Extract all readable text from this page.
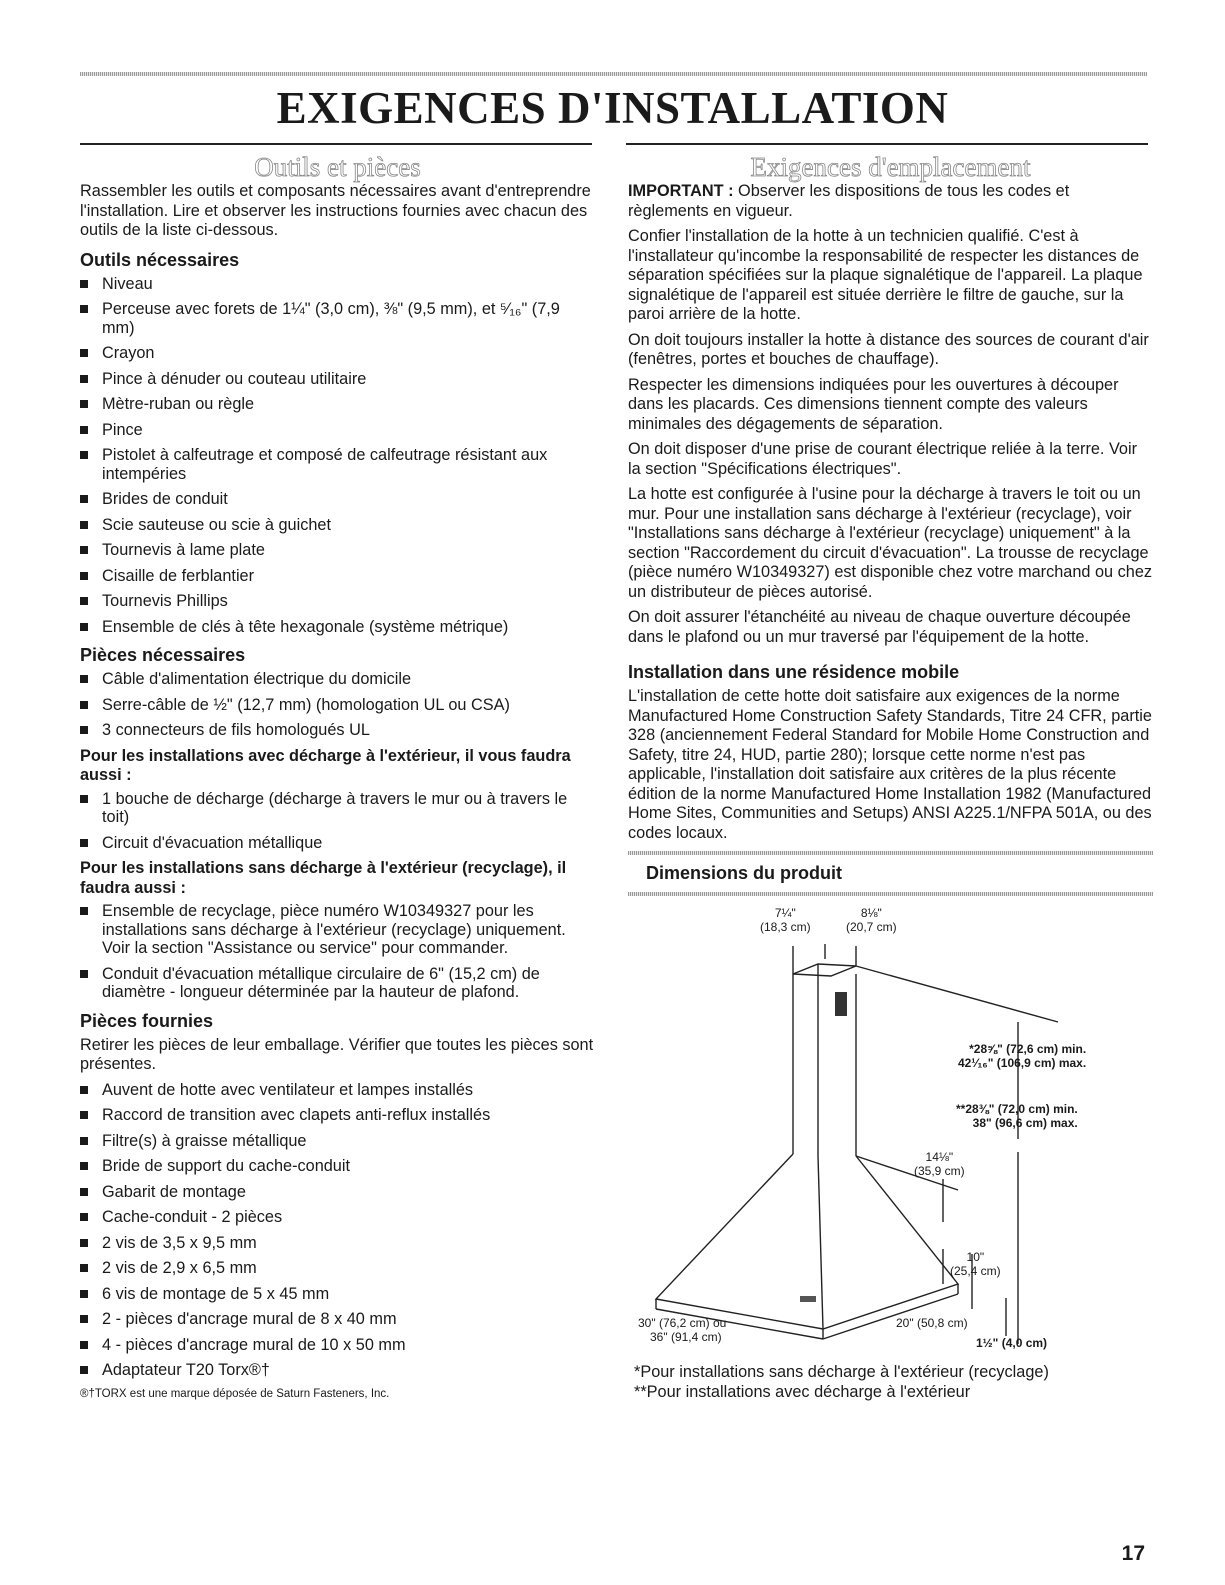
EXIGENCES D'INSTALLATION
Outils et pièces

Rassembler les outils et composants nécessaires avant d'entreprendre l'installation. Lire et observer les instructions fournies avec chacun des outils de la liste ci-dessous.

Outils nécessaires
Niveau
Perceuse avec forets de 1¼" (3,0 cm), ⅜" (9,5 mm), et ⁵⁄₁₆" (7,9 mm)
Crayon
Pince à dénuder ou couteau utilitaire
Mètre-ruban ou règle
Pince
Pistolet à calfeutrage et composé de calfeutrage résistant aux intempéries
Brides de conduit
Scie sauteuse ou scie à guichet
Tournevis à lame plate
Cisaille de ferblantier
Tournevis Phillips
Ensemble de clés à tête hexagonale (système métrique)
Pièces nécessaires
Câble d'alimentation électrique du domicile
Serre-câble de ½" (12,7 mm) (homologation UL ou CSA)
3 connecteurs de fils homologués UL
Pour les installations avec décharge à l'extérieur, il vous faudra aussi :
1 bouche de décharge (décharge à travers le mur ou à travers le toit)
Circuit d'évacuation métallique
Pour les installations sans décharge à l'extérieur (recyclage), il faudra aussi :
Ensemble de recyclage, pièce numéro W10349327 pour les installations sans décharge à l'extérieur (recyclage) uniquement. Voir la section "Assistance ou service" pour commander.
Conduit d'évacuation métallique circulaire de 6" (15,2 cm) de diamètre - longueur déterminée par la hauteur de plafond.
Pièces fournies

Retirer les pièces de leur emballage. Vérifier que toutes les pièces sont présentes.

Auvent de hotte avec ventilateur et lampes installés
Raccord de transition avec clapets anti-reflux installés
Filtre(s) à graisse métallique
Bride de support du cache-conduit
Gabarit de montage
Cache-conduit - 2 pièces
2 vis de 3,5 x 9,5 mm
2 vis de 2,9 x 6,5 mm
6 vis de montage de 5 x 45 mm
2 - pièces d'ancrage mural de 8 x 40 mm
4 - pièces d'ancrage mural de 10 x 50 mm
Adaptateur T20 Torx®†
®†TORX est une marque déposée de Saturn Fasteners, Inc.
Exigences d'emplacement

IMPORTANT : Observer les dispositions de tous les codes et règlements en vigueur.

Confier l'installation de la hotte à un technicien qualifié. C'est à l'installateur qu'incombe la responsabilité de respecter les distances de séparation spécifiées sur la plaque signalétique de l'appareil. La plaque signalétique de l'appareil est située derrière le filtre de gauche, sur la paroi arrière de la hotte.

On doit toujours installer la hotte à distance des sources de courant d'air (fenêtres, portes et bouches de chauffage).

Respecter les dimensions indiquées pour les ouvertures à découper dans les placards. Ces dimensions tiennent compte des valeurs minimales des dégagements de séparation.

On doit disposer d'une prise de courant électrique reliée à la terre. Voir la section "Spécifications électriques".

La hotte est configurée à l'usine pour la décharge à travers le toit ou un mur. Pour une installation sans décharge à l'extérieur (recyclage), voir "Installations sans décharge à l'extérieur (recyclage) uniquement" à la section "Raccordement du circuit d'évacuation". La trousse de recyclage (pièce numéro W10349327) est disponible chez votre marchand ou chez un distributeur de pièces autorisé.

On doit assurer l'étanchéité au niveau de chaque ouverture découpée dans le plafond ou un mur traversé par l'équipement de la hotte.

Installation dans une résidence mobile

L'installation de cette hotte doit satisfaire aux exigences de la norme Manufactured Home Construction Safety Standards, Titre 24 CFR, partie 328 (anciennement Federal Standard for Mobile Home Construction and Safety, titre 24, HUD, partie 280); lorsque cette norme n'est pas applicable, l'installation doit satisfaire aux critères de la plus récente édition de la norme Manufactured Home Installation 1982 (Manufactured Home Sites, Communities and Setups) ANSI A225.1/NFPA 501A, ou des codes locaux.

Dimensions du produit
7¼"
(18,3 cm)
8⅛"
(20,7 cm)
*28⅝" (72,6 cm) min.
42¹⁄₁₆" (106,9 cm) max.
**28⅜" (72,0 cm) min.
38" (96,6 cm) max.
14⅛"
(35,9 cm)
10"
(25,4 cm)
30" (76,2 cm) ou
36" (91,4 cm)
20" (50,8 cm)
1½" (4,0 cm)

*Pour installations sans décharge à l'extérieur (recyclage)

**Pour installations avec décharge à l'extérieur

17
